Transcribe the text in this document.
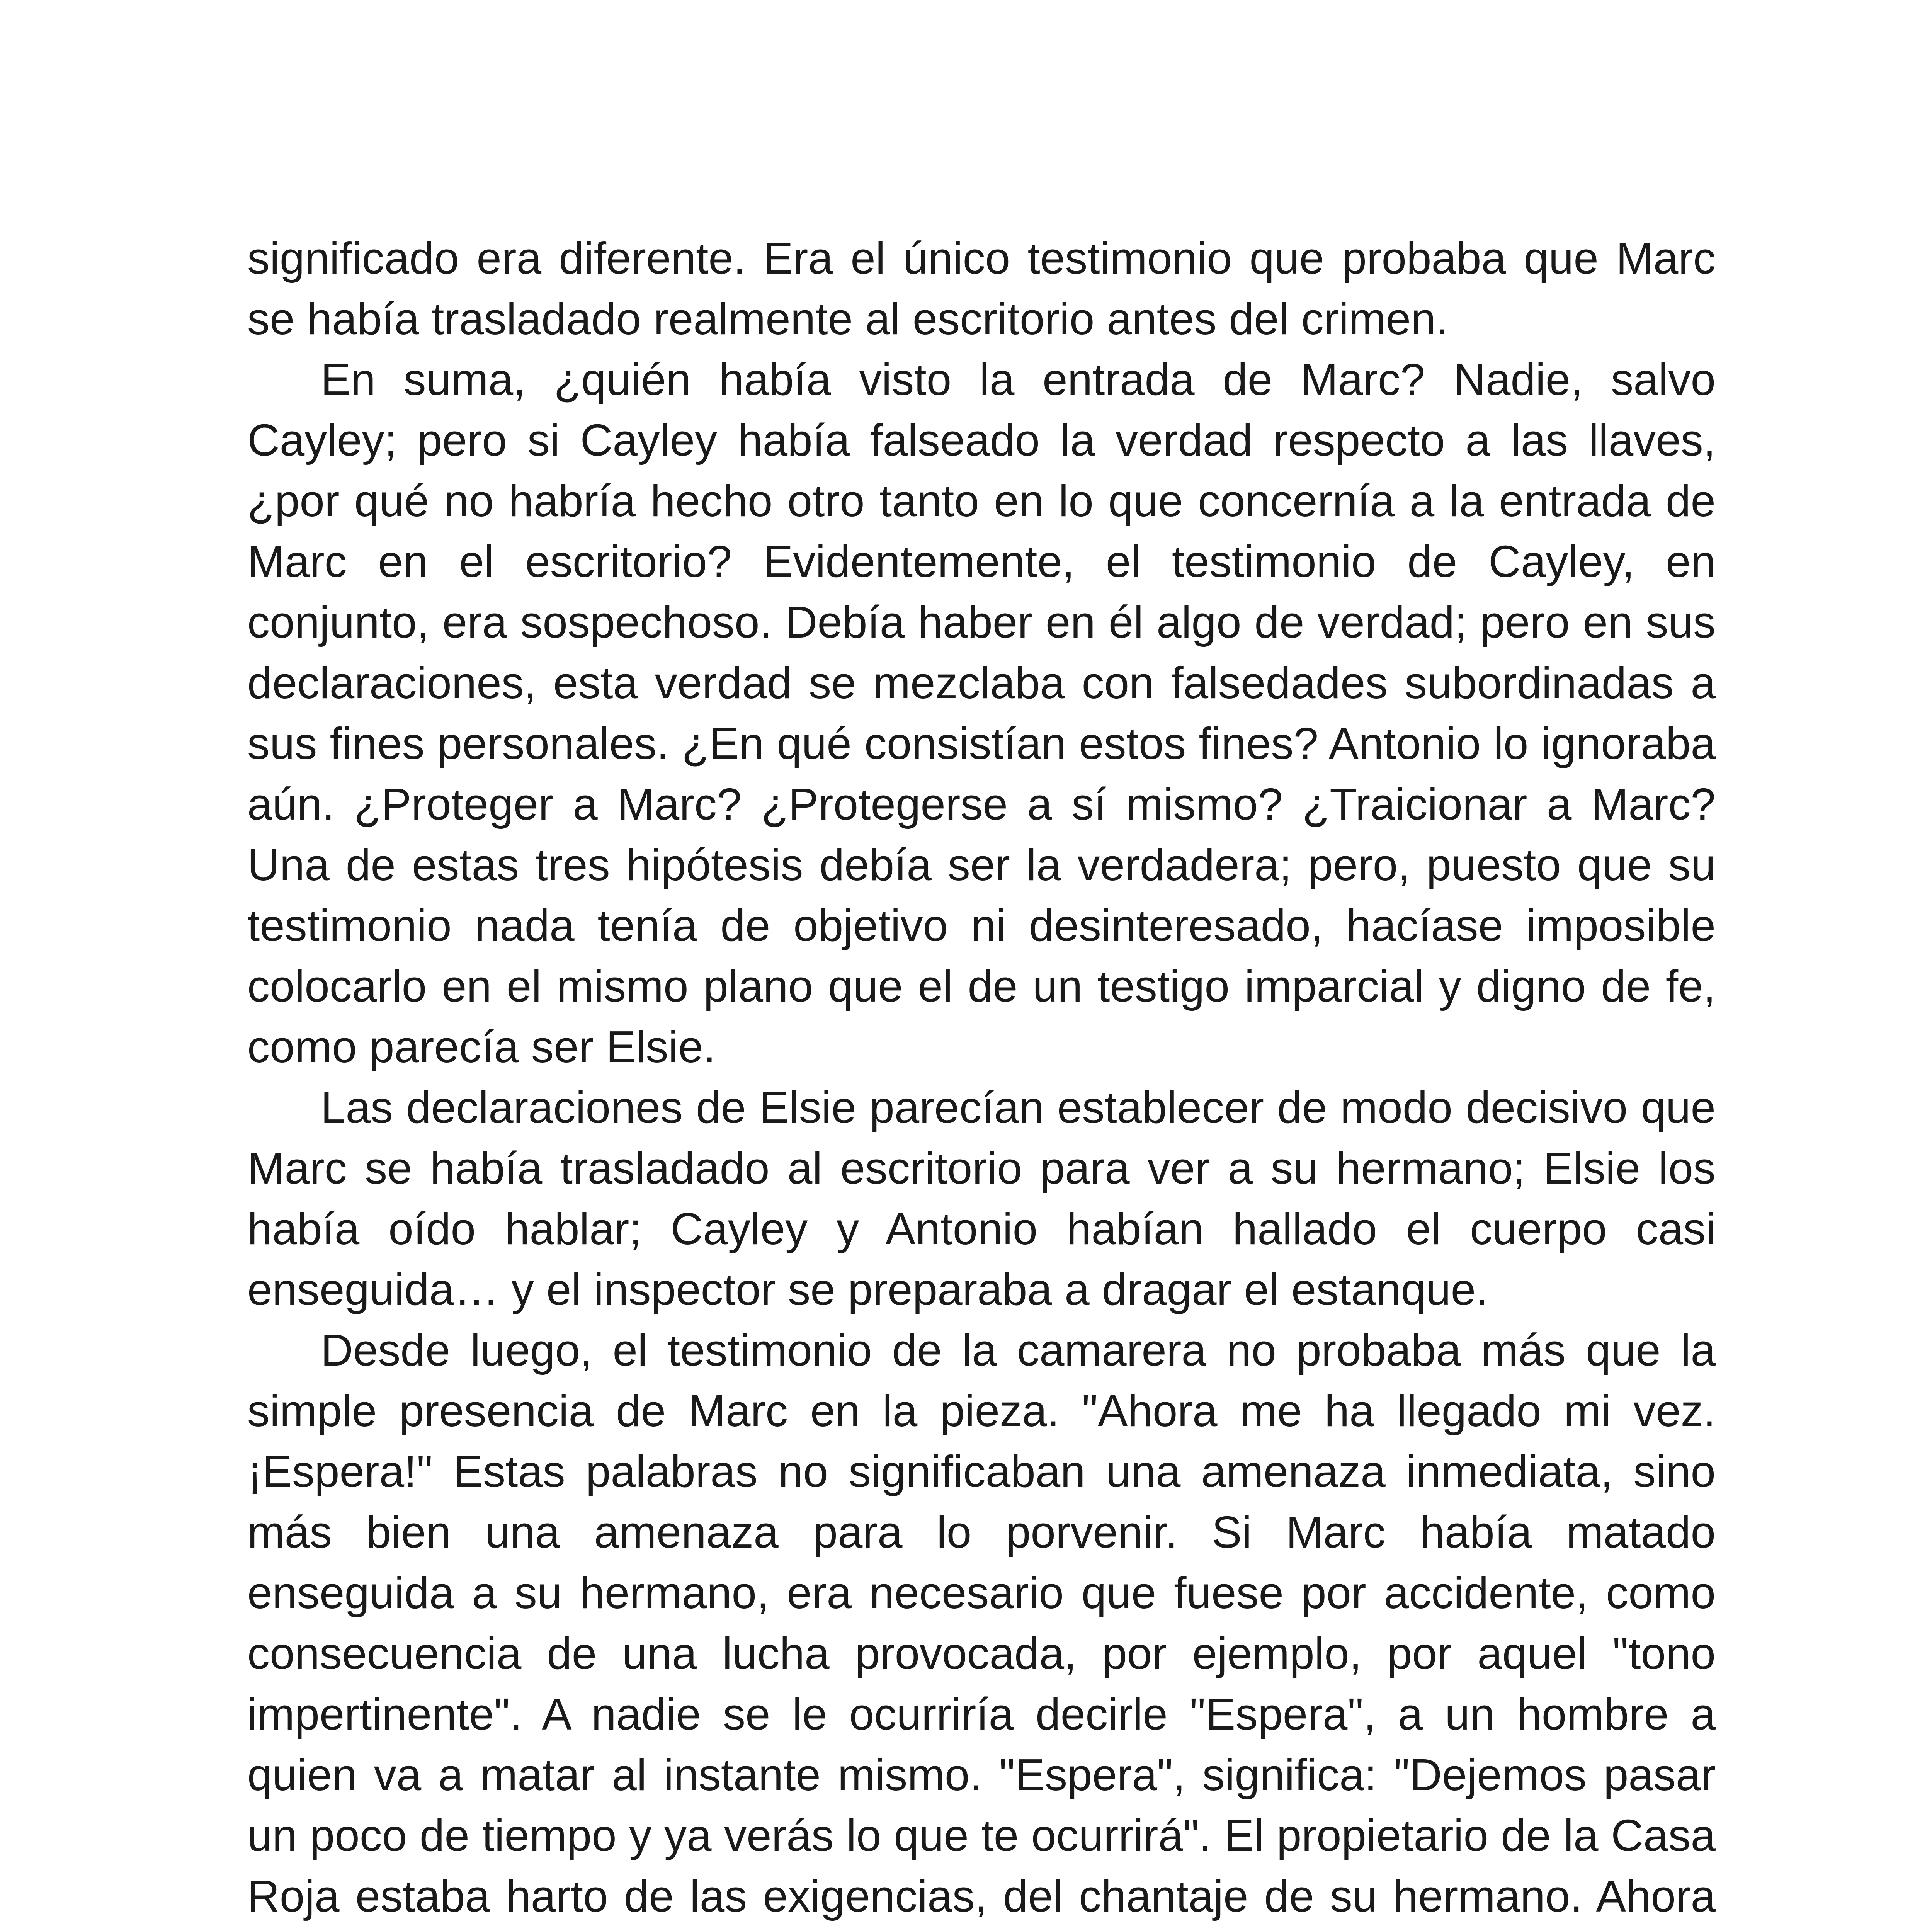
significado era diferente. Era el único testimonio que probaba que Marc se había trasladado realmente al escritorio antes del crimen.

En suma, ¿quién había visto la entrada de Marc? Nadie, salvo Cayley; pero si Cayley había falseado la verdad respecto a las llaves, ¿por qué no habría hecho otro tanto en lo que concernía a la entrada de Marc en el escritorio? Evidentemente, el testimonio de Cayley, en conjunto, era sospechoso. Debía haber en él algo de verdad; pero en sus declaraciones, esta verdad se mezclaba con falsedades subordinadas a sus fines personales. ¿En qué consistían estos fines? Antonio lo ignoraba aún. ¿Proteger a Marc? ¿Protegerse a sí mismo? ¿Traicionar a Marc? Una de estas tres hipótesis debía ser la verdadera; pero, puesto que su testimonio nada tenía de objetivo ni desinteresado, hacíase imposible colocarlo en el mismo plano que el de un testigo imparcial y digno de fe, como parecía ser Elsie.

Las declaraciones de Elsie parecían establecer de modo decisivo que Marc se había trasladado al escritorio para ver a su hermano; Elsie los había oído hablar; Cayley y Antonio habían hallado el cuerpo casi enseguida… y el inspector se preparaba a dragar el estanque.

Desde luego, el testimonio de la camarera no probaba más que la simple presencia de Marc en la pieza. "Ahora me ha llegado mi vez. ¡Espera!" Estas palabras no significaban una amenaza inmediata, sino más bien una amenaza para lo porvenir. Si Marc había matado enseguida a su hermano, era necesario que fuese por accidente, como consecuencia de una lucha provocada, por ejemplo, por aquel "tono impertinente". A nadie se le ocurriría decirle "Espera", a un hombre a quien va a matar al instante mismo. "Espera", significa: "Dejemos pasar un poco de tiempo y ya verás lo que te ocurrirá". El propietario de la Casa Roja estaba harto de las exigencias, del chantaje de su hermano. Ahora
